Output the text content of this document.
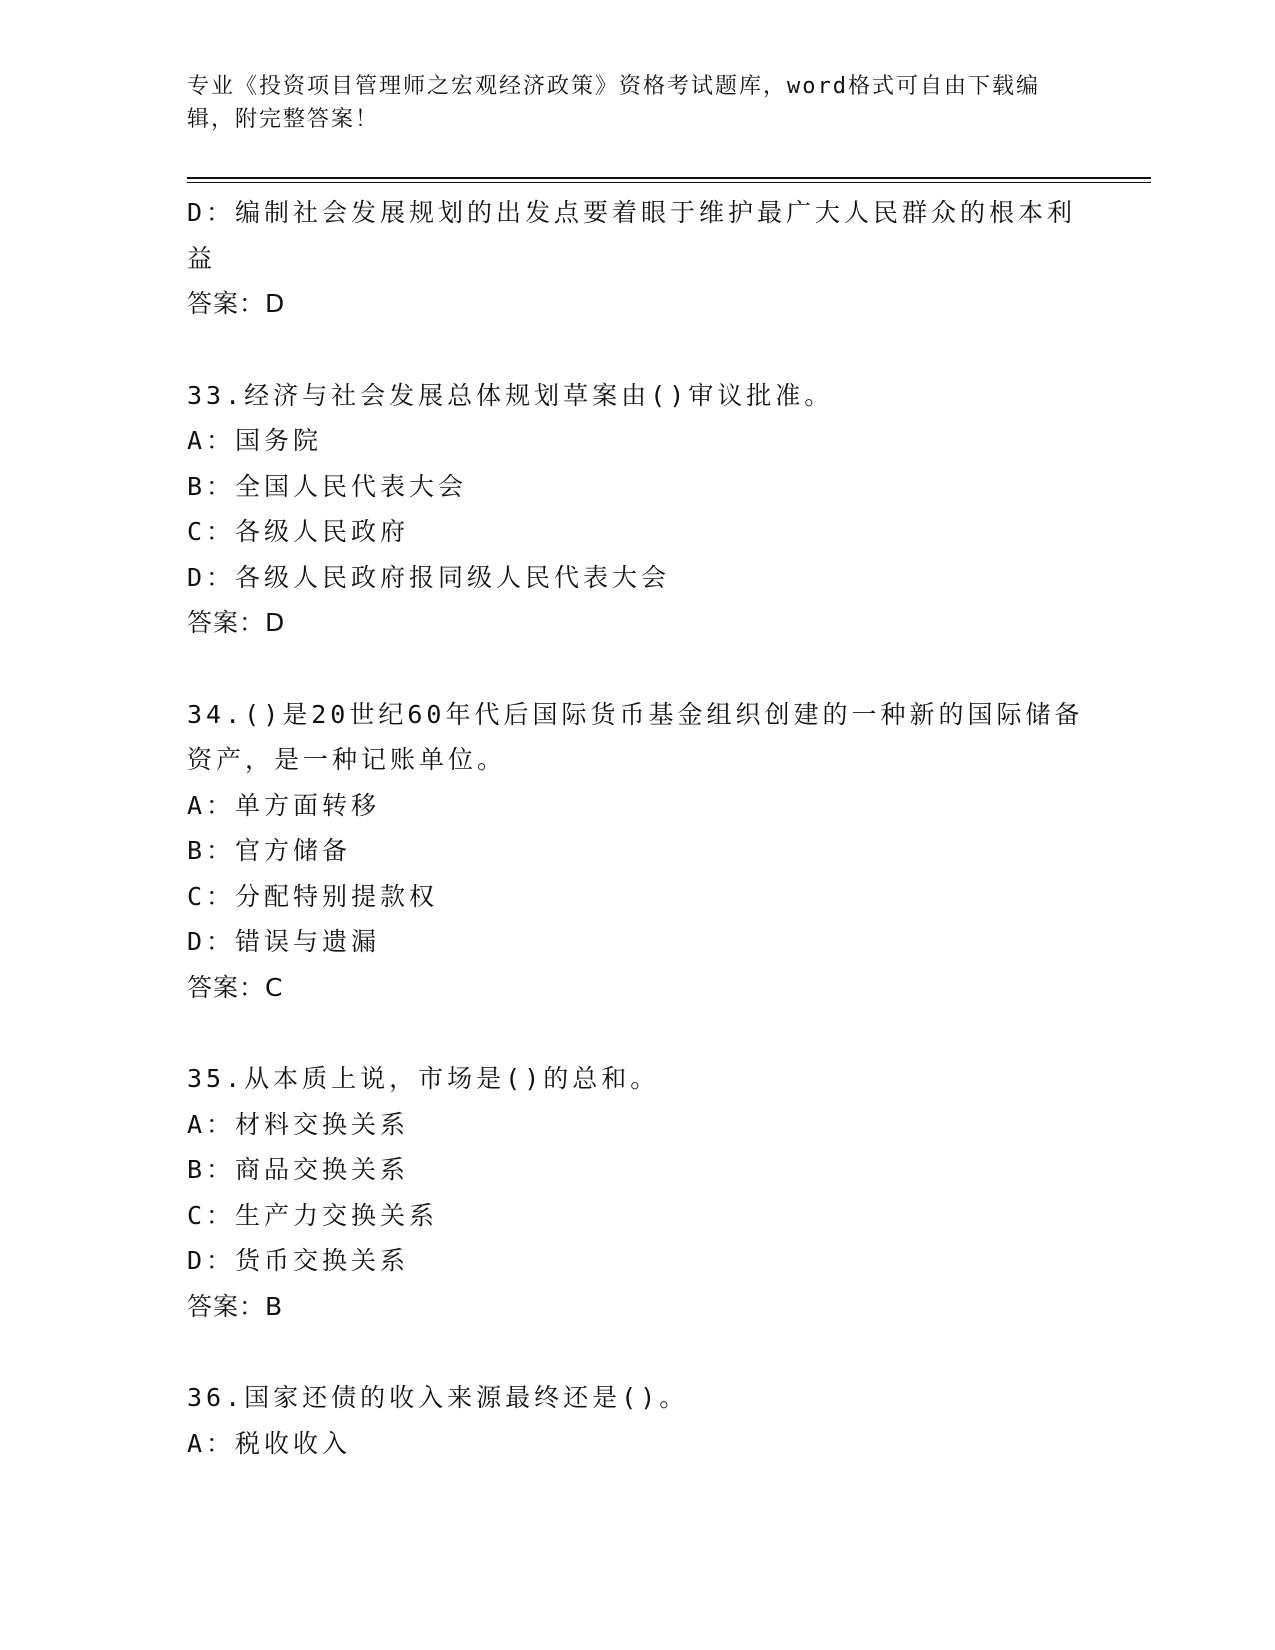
专业《投资项目管理师之宏观经济政策》资格考试题库，word格式可自由下载编辑，附完整答案！
D：编制社会发展规划的出发点要着眼于维护最广大人民群众的根本利益
答案：D
33.经济与社会发展总体规划草案由()审议批准。
A：国务院
B：全国人民代表大会
C：各级人民政府
D：各级人民政府报同级人民代表大会
答案：D
34.()是20世纪60年代后国际货币基金组织创建的一种新的国际储备资产，是一种记账单位。
A：单方面转移
B：官方储备
C：分配特别提款权
D：错误与遗漏
答案：C
35.从本质上说，市场是()的总和。
A：材料交换关系
B：商品交换关系
C：生产力交换关系
D：货币交换关系
答案：B
36.国家还债的收入来源最终还是()。
A：税收收入
